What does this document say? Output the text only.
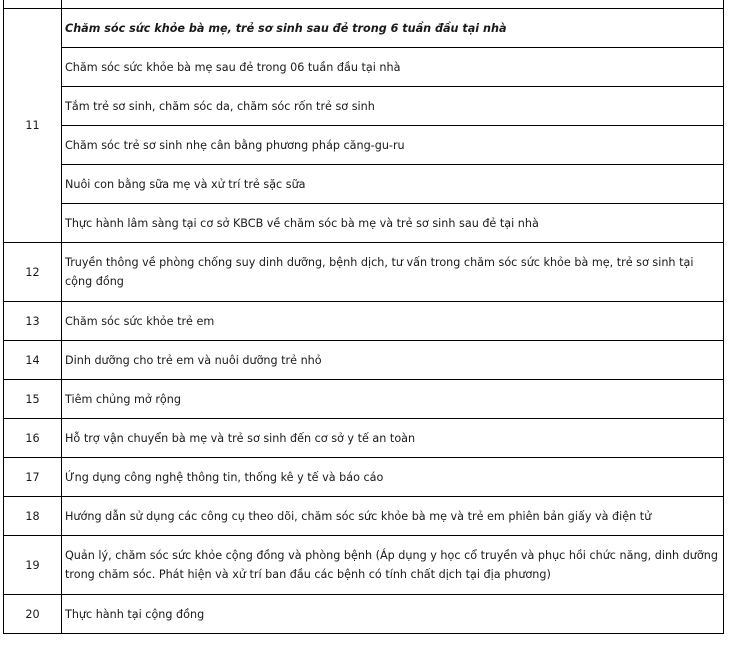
11	Chăm sóc sức khỏe bà mẹ, trẻ sơ sinh sau đẻ trong 6 tuần đầu tại nhà
	Chăm sóc sức khỏe bà mẹ sau đẻ trong 06 tuần đầu tại nhà
	Tắm trẻ sơ sinh, chăm sóc da, chăm sóc rốn trẻ sơ sinh
	Chăm sóc trẻ sơ sinh nhẹ cân bằng phương pháp căng-gu-ru
	Nuôi con bằng sữa mẹ và xử trí trẻ sặc sữa
	Thực hành lâm sàng tại cơ sở KBCB về chăm sóc bà mẹ và trẻ sơ sinh sau đẻ tại nhà
12	Truyền thông về phòng chống suy dinh dưỡng, bệnh dịch, tư vấn trong chăm sóc sức khỏe bà mẹ, trẻ sơ sinh tại cộng đồng
13	Chăm sóc sức khỏe trẻ em
14	Dinh dưỡng cho trẻ em và nuôi dưỡng trẻ nhỏ
15	Tiêm chủng mở rộng
16	Hỗ trợ vận chuyển bà mẹ và trẻ sơ sinh đến cơ sở y tế an toàn
17	Ứng dụng công nghệ thông tin, thống kê y tế và báo cáo
18	Hướng dẫn sử dụng các công cụ theo dõi, chăm sóc sức khỏe bà mẹ và trẻ em phiên bản giấy và điện tử
19	Quản lý, chăm sóc sức khỏe cộng đồng và phòng bệnh (Áp dụng y học cổ truyền và phục hồi chức năng, dinh dưỡng trong chăm sóc. Phát hiện và xử trí ban đầu các bệnh có tính chất dịch tại địa phương)
20	Thực hành tại cộng đồng
